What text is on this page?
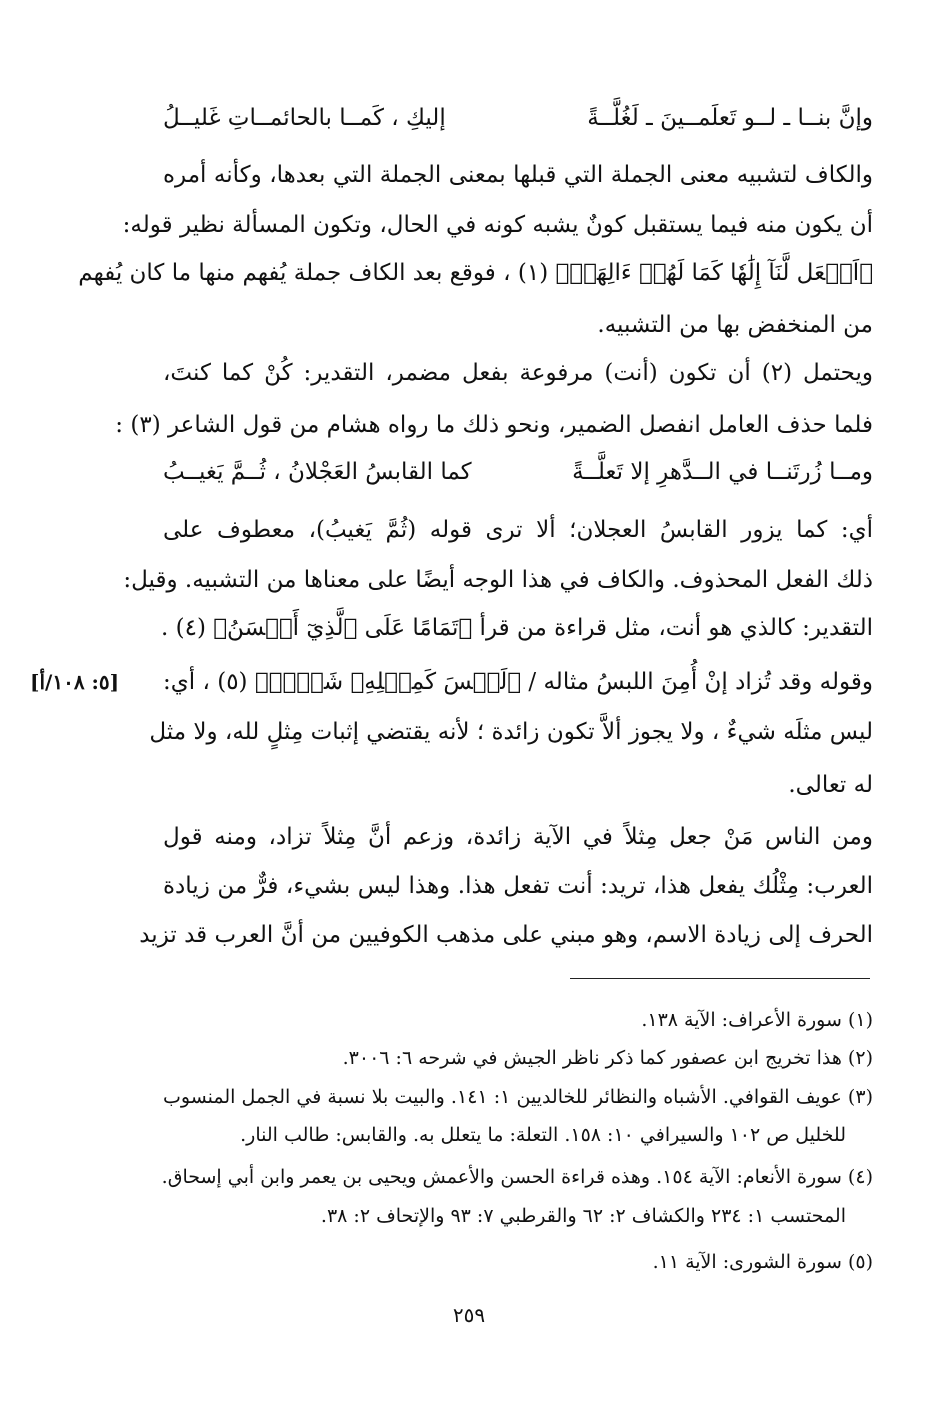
وإنَّ بنــا ـ لــو تَعلَمــينَ ـ لَغُلَّــةً
إليكِ ، كَمــا بالحائمــاتِ غَليــلُ
والكاف لتشبيه معنى الجملة التي قبلها بمعنى الجملة التي بعدها، وكأنه أمره
أن يكون منه فيما يستقبل كونٌ يشبه كونه في الحال، وتكون المسألة نظير قوله:
﴿اَجۡعَل لَّنَآ إِلَٰهٗا كَمَا لَهُمۡ ءَالِهَةٞ﴾ (١) ، فوقع بعد الكاف جملة يُفهم منها ما كان يُفهم
من المنخفض بها من التشبيه.
ويحتمل (٢) أن تكون (أنت) مرفوعة بفعل مضمر، التقدير: كُنْ كما كنتَ،
فلما حذف العامل انفصل الضمير، ونحو ذلك ما رواه هشام من قول الشاعر (٣) :
ومــا زُرتَنــا في الــدَّهرِ إلا تَعلَّــةً
كما القابسُ العَجْلانُ ، ثُــمَّ يَغيــبُ
أي: كما يزور القابسُ العجلان؛ ألا ترى قوله (ثُمَّ يَغيبُ)، معطوف على
ذلك الفعل المحذوف. والكاف في هذا الوجه أيضًا على معناها من التشبيه. وقيل:
التقدير: كالذي هو أنت، مثل قراءة من قرأ ﴿تَمَامًا عَلَى ٱلَّذِيٓ أَحۡسَنُ﴾ (٤) .
وقوله وقد تُزاد إنْ أُمِنَ اللبسُ مثاله / ﴿لَيۡسَ كَمِثۡلِهِۦ شَيۡءٞ﴾ (٥) ، أي:
[٥: ١٠٨/أ]
ليس مثلَه شيءٌ ، ولا يجوز ألاَّ تكون زائدة ؛ لأنه يقتضي إثبات مِثلٍ لله، ولا مثل
له تعالى.
ومن الناس مَنْ جعل مِثلاً في الآية زائدة، وزعم أنَّ مِثلاً تزاد، ومنه قول
العرب: مِثْلُك يفعل هذا، تريد: أنت تفعل هذا. وهذا ليس بشيء، فرٌّ من زيادة
الحرف إلى زيادة الاسم، وهو مبني على مذهب الكوفيين من أنَّ العرب قد تزيد
(١) سورة الأعراف: الآية ١٣٨.
(٢) هذا تخريج ابن عصفور كما ذكر ناظر الجيش في شرحه ٦: ٣٠٠٦.
(٣) عويف القوافي. الأشباه والنظائر للخالديين ١: ١٤١. والبيت بلا نسبة في الجمل المنسوب
للخليل ص ١٠٢ والسيرافي ١٠: ١٥٨. التعلة: ما يتعلل به. والقابس: طالب النار.
(٤) سورة الأنعام: الآية ١٥٤. وهذه قراءة الحسن والأعمش ويحيى بن يعمر وابن أبي إسحاق.
المحتسب ١: ٢٣٤ والكشاف ٢: ٦٢ والقرطبي ٧: ٩٣ والإتحاف ٢: ٣٨.
(٥) سورة الشورى: الآية ١١.
٢٥٩
